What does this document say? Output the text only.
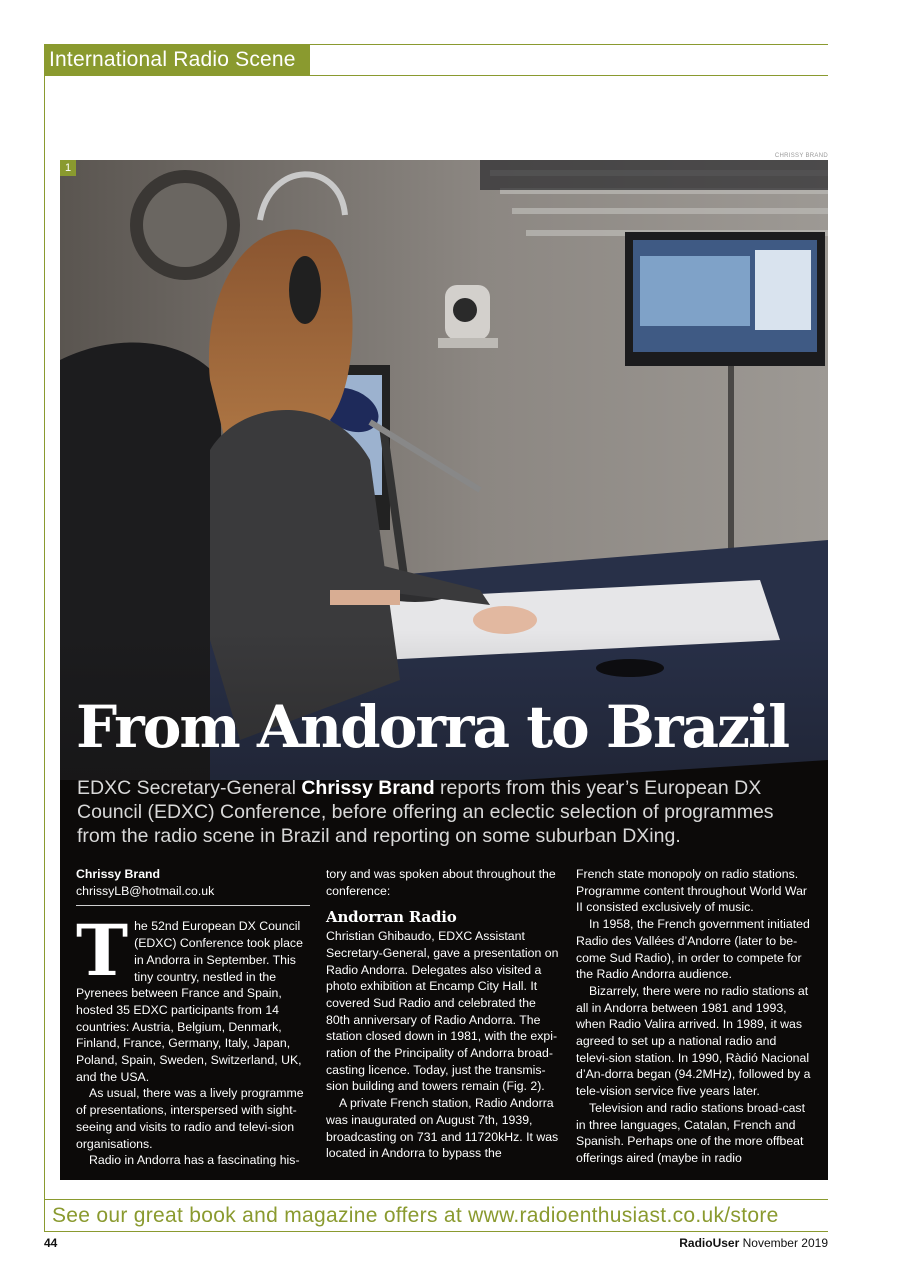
International Radio Scene
CHRISSY BRAND
1
From Andorra to Brazil
EDXC Secretary-General Chrissy Brand reports from this year’s European DX Council (EDXC) Conference, before offering an eclectic selection of programmes from the radio scene in Brazil and reporting on some suburban DXing.
Chrissy Brand
chrissyLB@hotmail.co.uk

The 52nd European DX Council (EDXC) Conference took place in Andorra in September. This tiny country, nestled in the Pyrenees between France and Spain, hosted 35 EDXC participants from 14 countries: Austria, Belgium, Denmark, Finland, France, Germany, Italy, Japan, Poland, Spain, Sweden, Switzerland, UK, and the USA.

As usual, there was a lively programme of presentations, interspersed with sight-seeing and visits to radio and televi-sion organisations.

Radio in Andorra has a fascinating his-

tory and was spoken about throughout the conference:

Andorran Radio

Christian Ghibaudo, EDXC Assistant Secretary-General, gave a presentation on Radio Andorra. Delegates also visited a photo exhibition at Encamp City Hall. It covered Sud Radio and celebrated the 80th anniversary of Radio Andorra. The station closed down in 1981, with the expi-ration of the Principality of Andorra broad-casting licence. Today, just the transmis-sion building and towers remain (Fig. 2).

A private French station, Radio Andorra was inaugurated on August 7th, 1939, broadcasting on 731 and 11720kHz. It was located in Andorra to bypass the

French state monopoly on radio stations. Programme content throughout World War II consisted exclusively of music.

In 1958, the French government initiated Radio des Vallées d’Andorre (later to be-come Sud Radio), in order to compete for the Radio Andorra audience.

Bizarrely, there were no radio stations at all in Andorra between 1981 and 1993, when Radio Valira arrived. In 1989, it was agreed to set up a national radio and televi-sion station. In 1990, Ràdió Nacional d’An-dorra began (94.2MHz), followed by a tele-vision service five years later.

Television and radio stations broad-cast in three languages, Catalan, French and Spanish. Perhaps one of the more offbeat offerings aired (maybe in radio

See our great book and magazine offers at www.radioenthusiast.co.uk/store
44	RadioUser November 2019
